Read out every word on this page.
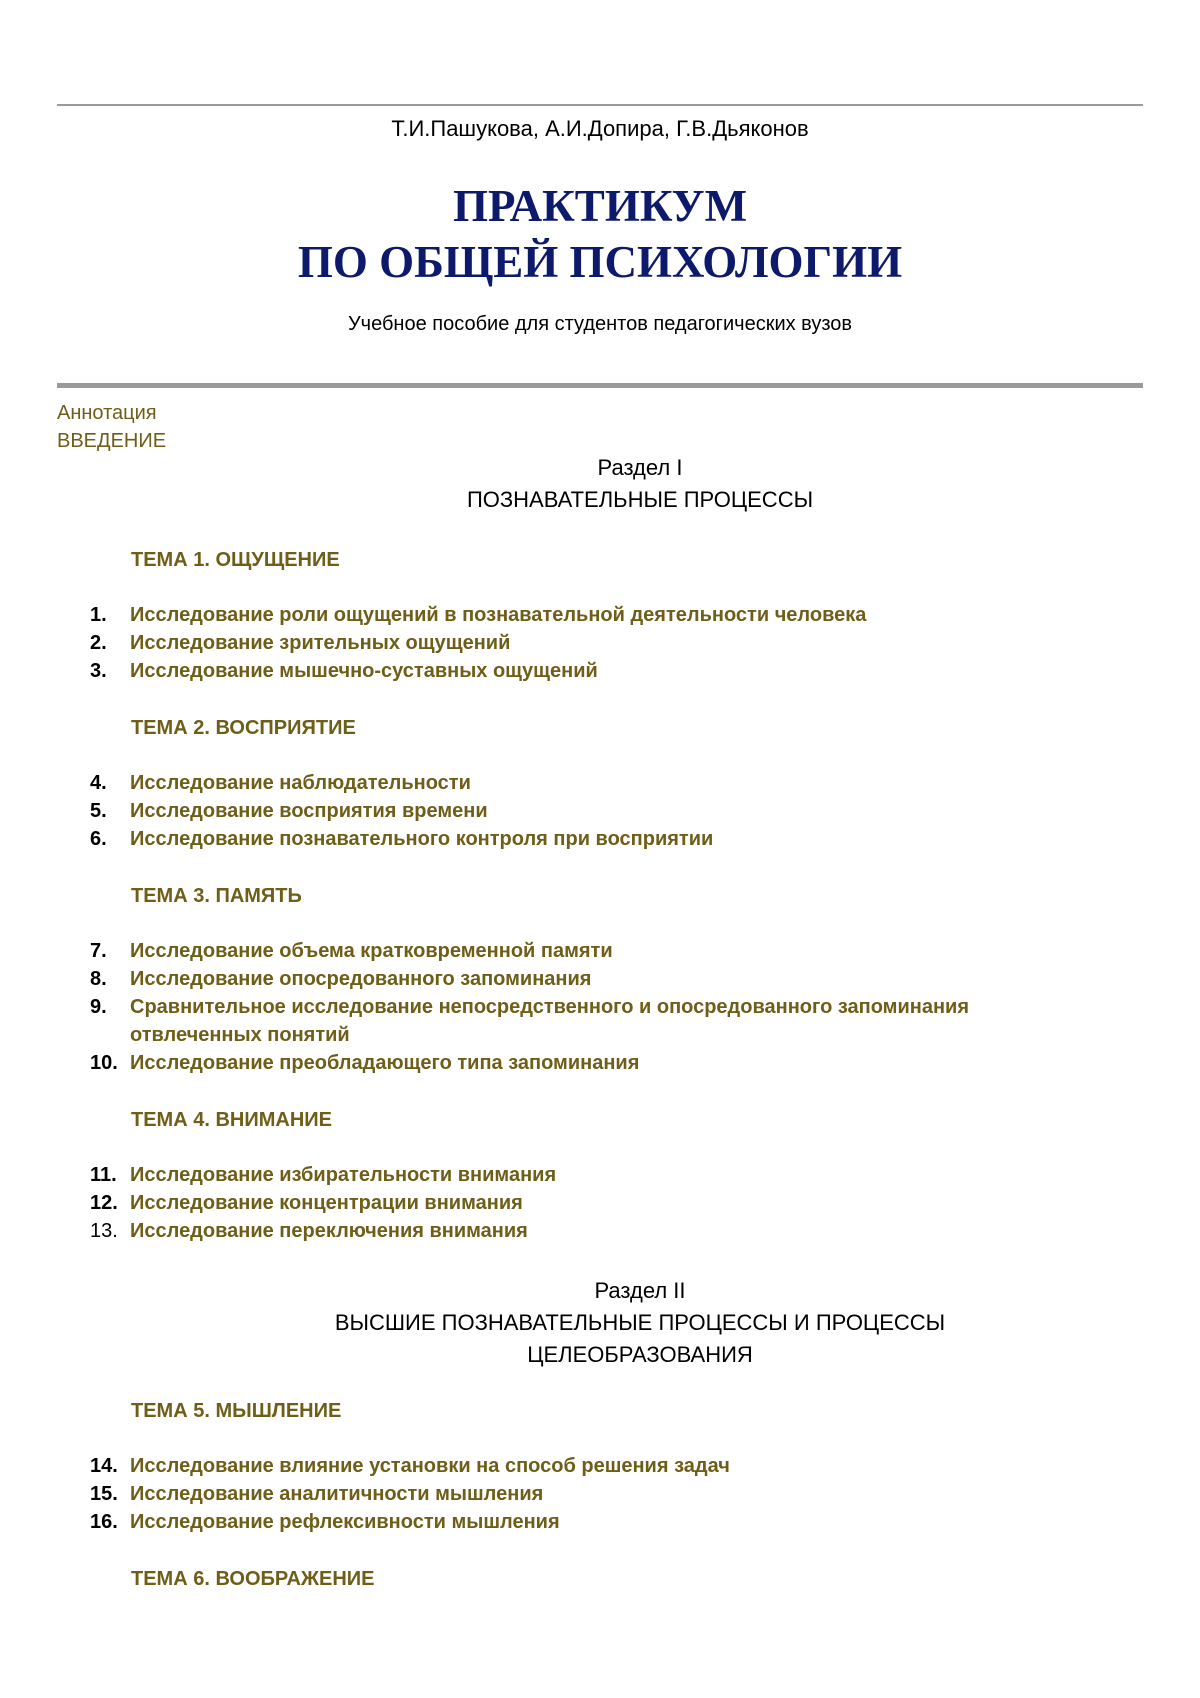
Т.И.Пашукова, А.И.Допира, Г.В.Дьяконов
ПРАКТИКУМ
ПО ОБЩЕЙ ПСИХОЛОГИИ
Учебное пособие для студентов педагогических вузов
Аннотация
ВВЕДЕНИЕ
Раздел I
ПОЗНАВАТЕЛЬНЫЕ ПРОЦЕССЫ
ТЕМА 1. ОЩУЩЕНИЕ
1. Исследование роли ощущений в познавательной деятельности человека
2. Исследование зрительных ощущений
3. Исследование мышечно-суставных ощущений
ТЕМА 2. ВОСПРИЯТИЕ
4. Исследование наблюдательности
5. Исследование восприятия времени
6. Исследование познавательного контроля при восприятии
ТЕМА 3. ПАМЯТЬ
7. Исследование объема кратковременной памяти
8. Исследование опосредованного запоминания
9. Сравнительное исследование непосредственного и опосредованного запоминания отвлеченных понятий
10. Исследование преобладающего типа запоминания
ТЕМА 4. ВНИМАНИЕ
11. Исследование избирательности внимания
12. Исследование концентрации внимания
13. Исследование переключения внимания
Раздел II
ВЫСШИЕ ПОЗНАВАТЕЛЬНЫЕ ПРОЦЕССЫ И ПРОЦЕССЫ
ЦЕЛЕОБРАЗОВАНИЯ
ТЕМА 5. МЫШЛЕНИЕ
14. Исследование влияние установки на способ решения задач
15. Исследование аналитичности мышления
16. Исследование рефлексивности мышления
ТЕМА 6. ВООБРАЖЕНИЕ
